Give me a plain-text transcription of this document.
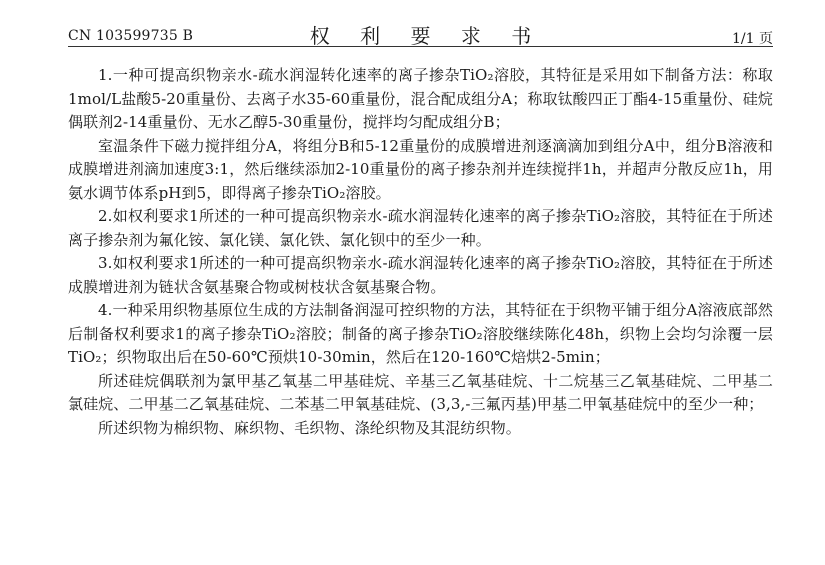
CN 103599735 B	权 利 要 求 书	1/1 页

1.一种可提高织物亲水-疏水润湿转化速率的离子掺杂TiO₂溶胶，其特征是采用如下制备方法：称取1mol/L盐酸5-20重量份、去离子水35-60重量份，混合配成组分A；称取钛酸四正丁酯4-15重量份、硅烷偶联剂2-14重量份、无水乙醇5-30重量份，搅拌均匀配成组分B；

室温条件下磁力搅拌组分A，将组分B和5-12重量份的成膜增进剂逐滴滴加到组分A中，组分B溶液和成膜增进剂滴加速度3:1，然后继续添加2-10重量份的离子掺杂剂并连续搅拌1h，并超声分散反应1h，用氨水调节体系pH到5，即得离子掺杂TiO₂溶胶。

2.如权利要求1所述的一种可提高织物亲水-疏水润湿转化速率的离子掺杂TiO₂溶胶，其特征在于所述离子掺杂剂为氟化铵、氯化镁、氯化铁、氯化钡中的至少一种。

3.如权利要求1所述的一种可提高织物亲水-疏水润湿转化速率的离子掺杂TiO₂溶胶，其特征在于所述成膜增进剂为链状含氨基聚合物或树枝状含氨基聚合物。

4.一种采用织物基原位生成的方法制备润湿可控织物的方法，其特征在于织物平铺于组分A溶液底部然后制备权利要求1的离子掺杂TiO₂溶胶；制备的离子掺杂TiO₂溶胶继续陈化48h，织物上会均匀涂覆一层TiO₂；织物取出后在50-60℃预烘10-30min，然后在120-160℃焙烘2-5min；

所述硅烷偶联剂为氯甲基乙氧基二甲基硅烷、辛基三乙氧基硅烷、十二烷基三乙氧基硅烷、二甲基二氯硅烷、二甲基二乙氧基硅烷、二苯基二甲氧基硅烷、(3,3,-三氟丙基)甲基二甲氧基硅烷中的至少一种；

所述织物为棉织物、麻织物、毛织物、涤纶织物及其混纺织物。
